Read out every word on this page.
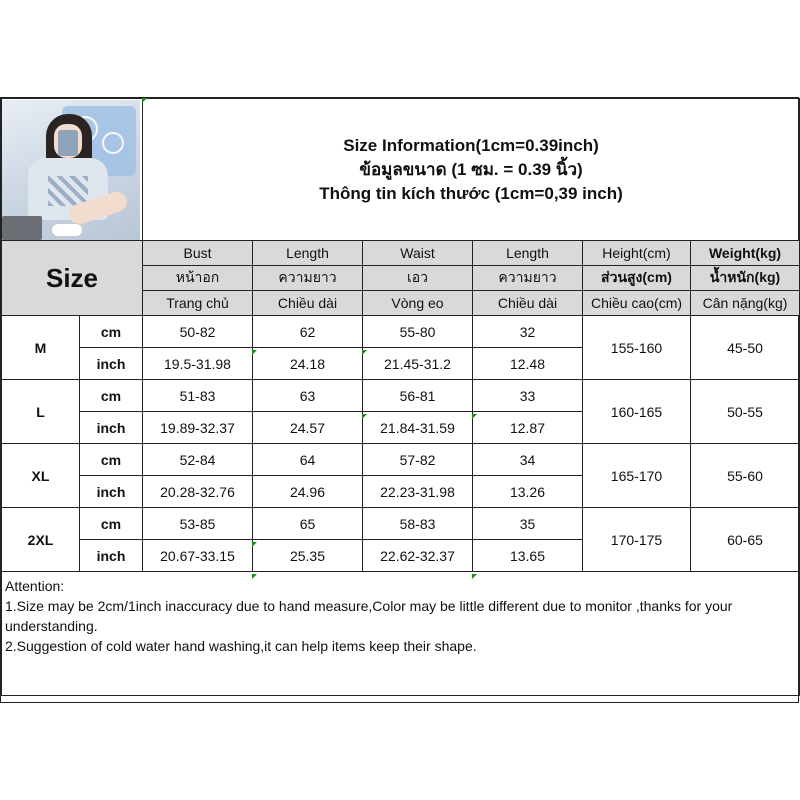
		Size Information(1cm=0.39inch)
ข้อมูลขนาด (1 ซม. = 0.39 นิ้ว)
Thông tin kích thước (1cm=0,39 inch)					

Size		Bust	Length	Waist	Length	Height(cm)	Weight(kg)
		หน้าอก	ความยาว	เอว	ความยาว	ส่วนสูง(cm)	น้ำหนัก(kg)
		Trang chủ	Chiều dài	Vòng eo	Chiều dài	Chiều cao(cm)	Cân nặng(kg)
M	cm	50-82	62	55-80	32	155-160	45-50
	inch	19.5-31.98	24.18	21.45-31.2	12.48		
L	cm	51-83	63	56-81	33	160-165	50-55
	inch	19.89-32.37	24.57	21.84-31.59	12.87		
XL	cm	52-84	64	57-82	34	165-170	55-60
	inch	20.28-32.76	24.96	22.23-31.98	13.26		
2XL	cm	53-85	65	58-83	35	170-175	60-65
	inch	20.67-33.15	25.35	22.62-32.37	13.65		

Attention:
1.Size may be 2cm/1inch inaccuracy due to hand measure,Color may be little different due to monitor ,thanks for your understanding.
2.Suggestion of cold water hand washing,it can help items keep their shape.							
